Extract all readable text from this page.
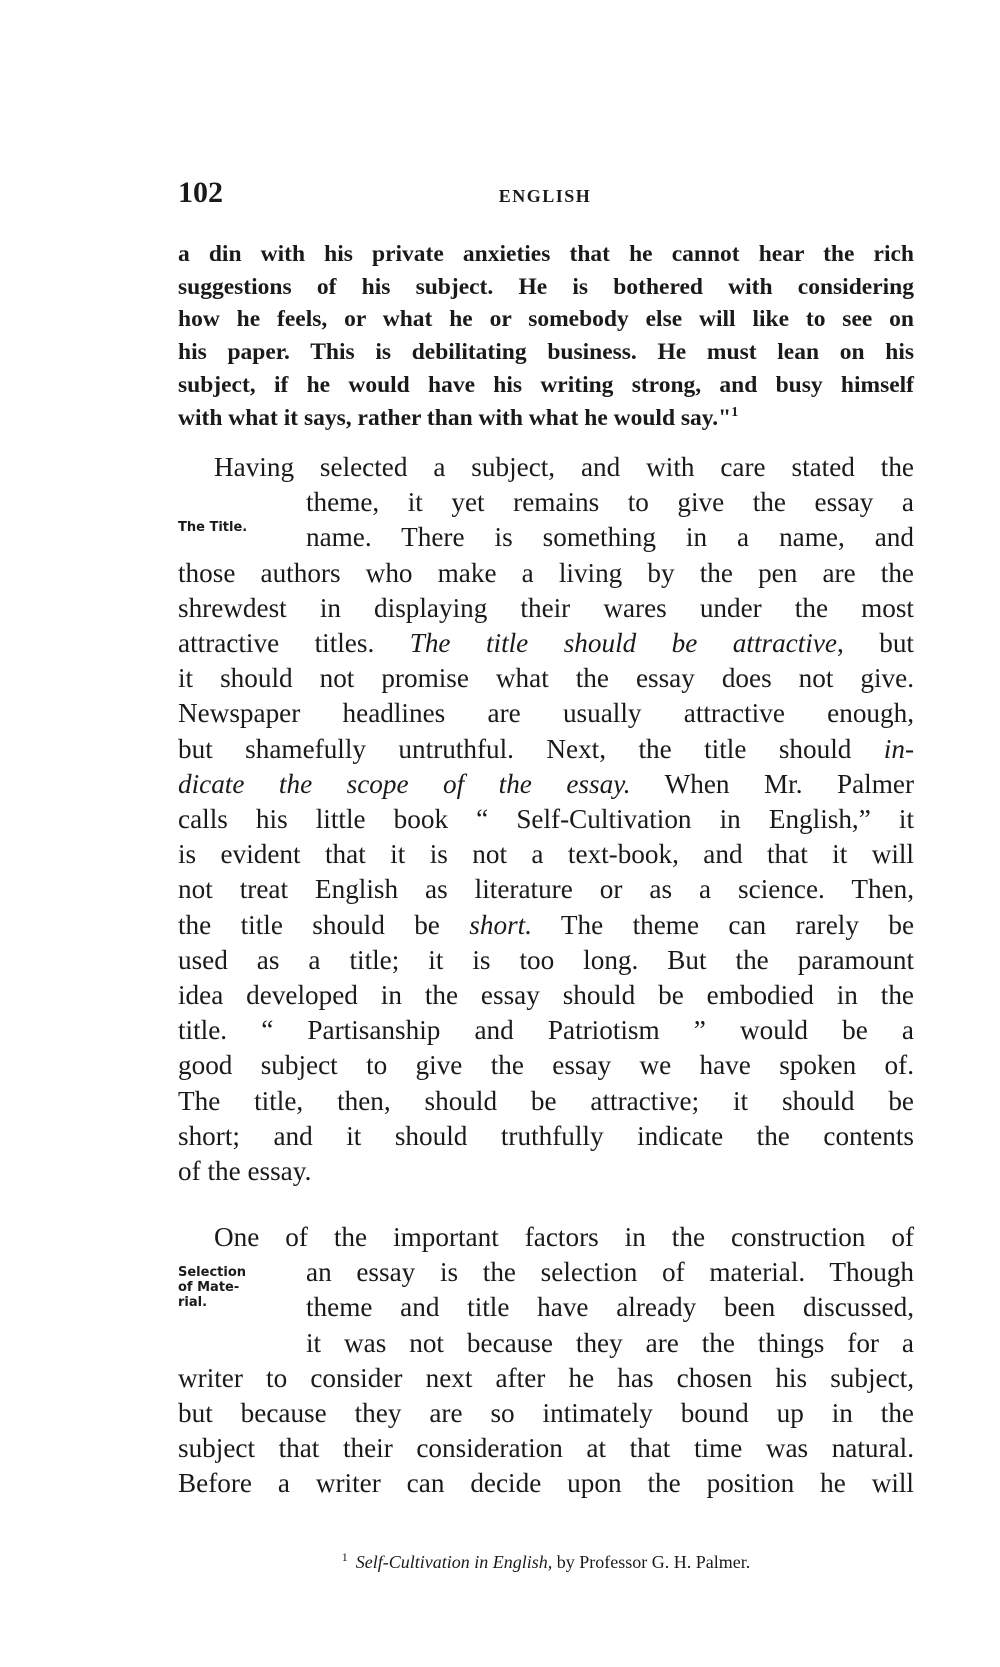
102	ENGLISH
a din with his private anxieties that he cannot hear the rich
suggestions of his subject. He is bothered with considering
how he feels, or what he or somebody else will like to see on
his paper. This is debilitating business. He must lean on his
subject, if he would have his writing strong, and busy himself
with what it says, rather than with what he would say."$^1$
The Title.
Having selected a subject, and with care stated the
theme, it yet remains to give the essay a
name. There is something in a name, and
those authors who make a living by the pen are the
shrewdest in displaying their wares under the most
attractive titles. The title should be attractive, but
it should not promise what the essay does not give.
Newspaper headlines are usually attractive enough,
but shamefully untruthful. Next, the title should in-
dicate the scope of the essay. When Mr. Palmer
calls his little book “ Self-Cultivation in English,” it
is evident that it is not a text-book, and that it will
not treat English as literature or as a science. Then,
the title should be short. The theme can rarely be
used as a title; it is too long. But the paramount
idea developed in the essay should be embodied in the
title. “ Partisanship and Patriotism ” would be a
good subject to give the essay we have spoken of.
The title, then, should be attractive; it should be
short; and it should truthfully indicate the contents
of the essay.
Selection
of Mate-
rial.
One of the important factors in the construction of
an essay is the selection of material. Though
theme and title have already been discussed,
it was not because they are the things for a
writer to consider next after he has chosen his subject,
but because they are so intimately bound up in the
subject that their consideration at that time was natural.
Before a writer can decide upon the position he will
$^1$ Self-Cultivation in English, by Professor G. H. Palmer.
